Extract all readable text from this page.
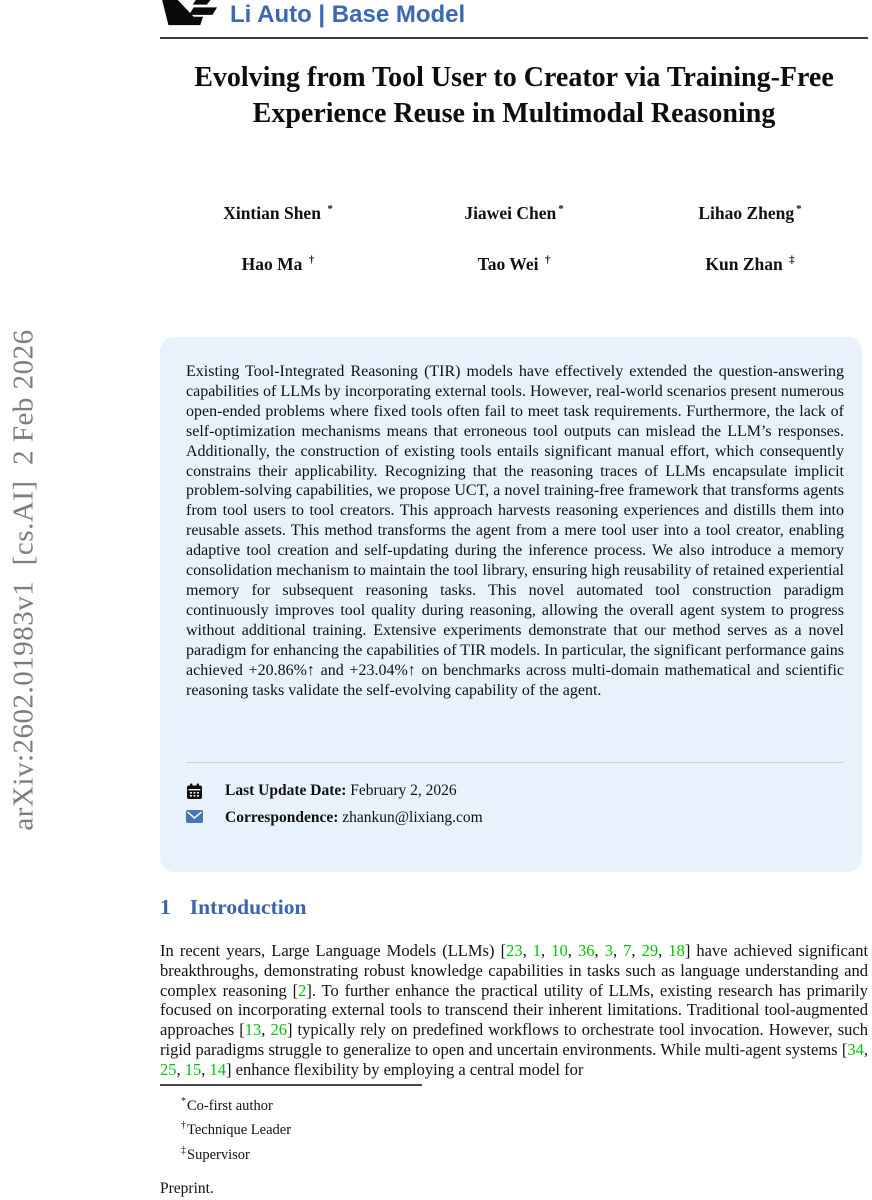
arXiv:2602.01983v1  [cs.AI]  2 Feb 2026
Li Auto | Base Model
Evolving from Tool User to Creator via Training-Free Experience Reuse in Multimodal Reasoning
Xintian Shen *	Jiawei Chen *	Lihao Zheng *
Hao Ma †	Tao Wei †	Kun Zhan ‡

Existing Tool-Integrated Reasoning (TIR) models have effectively extended the question-answering capabilities of LLMs by incorporating external tools. However, real-world scenarios present numerous open-ended problems where fixed tools often fail to meet task requirements. Furthermore, the lack of self-optimization mechanisms means that erroneous tool outputs can mislead the LLM’s responses. Additionally, the construction of existing tools entails significant manual effort, which consequently constrains their applicability. Recognizing that the reasoning traces of LLMs encapsulate implicit problem-solving capabilities, we propose UCT, a novel training-free framework that transforms agents from tool users to tool creators. This approach harvests reasoning experiences and distills them into reusable assets. This method transforms the agent from a mere tool user into a tool creator, enabling adaptive tool creation and self-updating during the inference process. We also introduce a memory consolidation mechanism to maintain the tool library, ensuring high reusability of retained experiential memory for subsequent reasoning tasks. This novel automated tool construction paradigm continuously improves tool quality during reasoning, allowing the overall agent system to progress without additional training. Extensive experiments demonstrate that our method serves as a novel paradigm for enhancing the capabilities of TIR models. In particular, the significant performance gains achieved +20.86%↑ and +23.04%↑ on benchmarks across multi-domain mathematical and scientific reasoning tasks validate the self-evolving capability of the agent.

Last Update Date: February 2, 2026
Correspondence: zhankun@lixiang.com
1 Introduction

In recent years, Large Language Models (LLMs) [23, 1, 10, 36, 3, 7, 29, 18] have achieved significant breakthroughs, demonstrating robust knowledge capabilities in tasks such as language understanding and complex reasoning [2]. To further enhance the practical utility of LLMs, existing research has primarily focused on incorporating external tools to transcend their inherent limitations. Traditional tool-augmented approaches [13, 26] typically rely on predefined workflows to orchestrate tool invocation. However, such rigid paradigms struggle to generalize to open and uncertain environments. While multi-agent systems [34, 25, 15, 14] enhance flexibility by employing a central model for

*Co-first author
†Technique Leader
‡Supervisor
Preprint.
